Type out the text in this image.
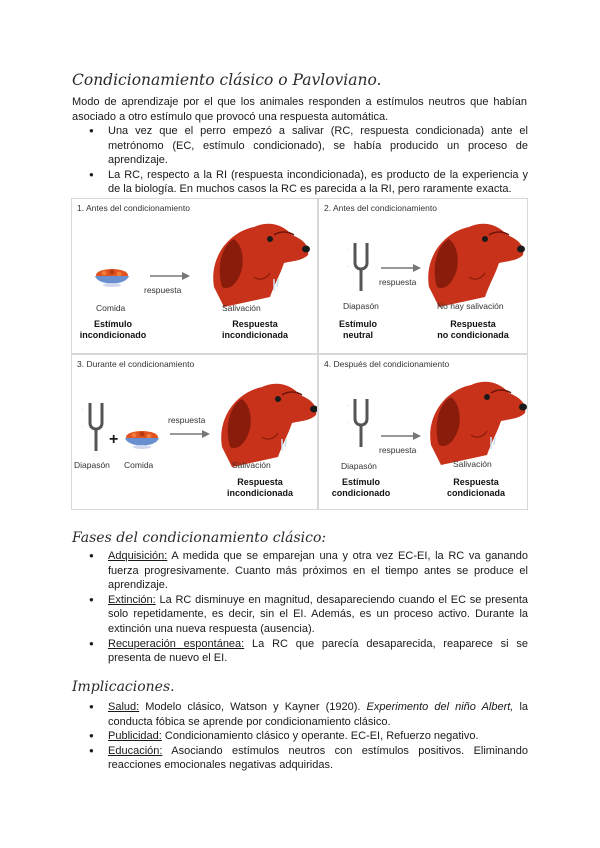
Condicionamiento clásico o Pavloviano.

Modo de aprendizaje por el que los animales responden a estímulos neutros que habían asociado a otro estímulo que provocó una respuesta automática.

● Una vez que el perro empezó a salivar (RC, respuesta condicionada) ante el metrónomo (EC, estímulo condicionado), se había producido un proceso de aprendizaje.
● La RC, respecto a la RI (respuesta incondicionada), es producto de la experiencia y de la biología. En muchos casos la RC es parecida a la RI, pero raramente exacta.
1. Antes del condicionamiento
respuesta
Comida	Salivación
Estímulo
incondicionado
Respuesta
incondicionada
2. Antes del condicionamiento
respuesta
Diapasón	No hay salivación
Estímulo
neutral
Respuesta
no condicionada
3. Durante el condicionamiento
+
respuesta
Diapasón Comida	Salivación
Respuesta
incondicionada
4. Después del condicionamiento
respuesta
Diapasón	Salivación
Estímulo
condicionado
Respuesta
condicionada
Fases del condicionamiento clásico:
● Adquisición: A medida que se emparejan una y otra vez EC-EI, la RC va ganando fuerza progresivamente. Cuanto más próximos en el tiempo antes se produce el aprendizaje.
● Extinción: La RC disminuye en magnitud, desapareciendo cuando el EC se presenta solo repetidamente, es decir, sin el EI. Además, es un proceso activo. Durante la extinción una nueva respuesta (ausencia).
● Recuperación espontánea: La RC que parecía desaparecida, reaparece si se presenta de nuevo el EI.
Implicaciones.
● Salud: Modelo clásico, Watson y Kayner (1920). Experimento del niño Albert, la conducta fóbica se aprende por condicionamiento clásico.
● Publicidad: Condicionamiento clásico y operante. EC-EI, Refuerzo negativo.
● Educación: Asociando estímulos neutros con estímulos positivos. Eliminando reacciones emocionales negativas adquiridas.
